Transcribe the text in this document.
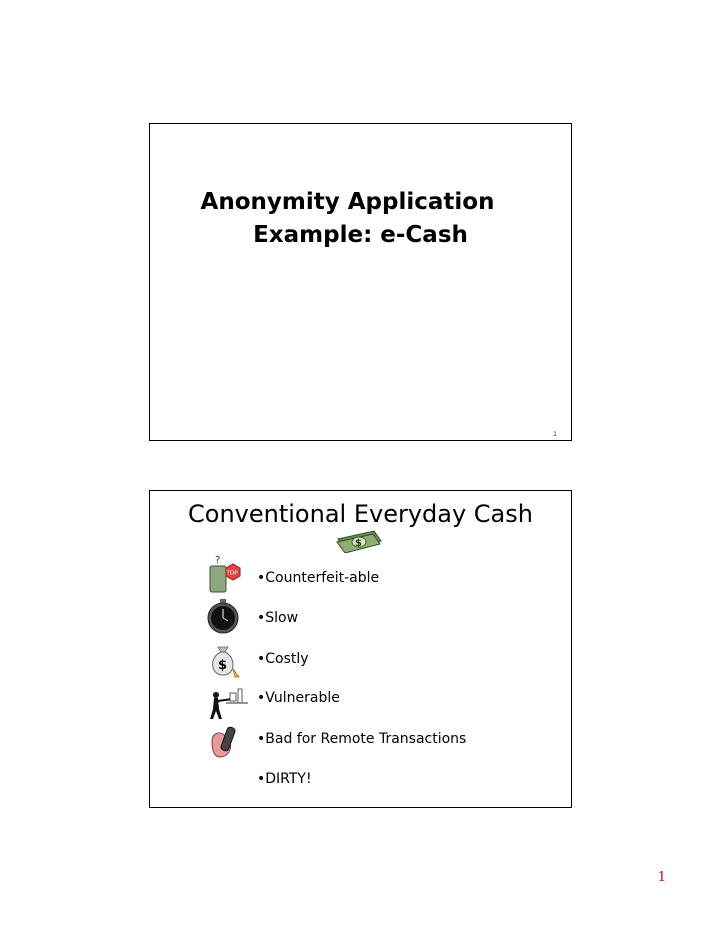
Anonymity Application
Example: e-Cash
1
Conventional Everyday Cash
$
?
TOP •Counterfeit-able
•Slow
$ •Costly
•Vulnerable
•Bad for Remote Transactions
•DIRTY!
1
